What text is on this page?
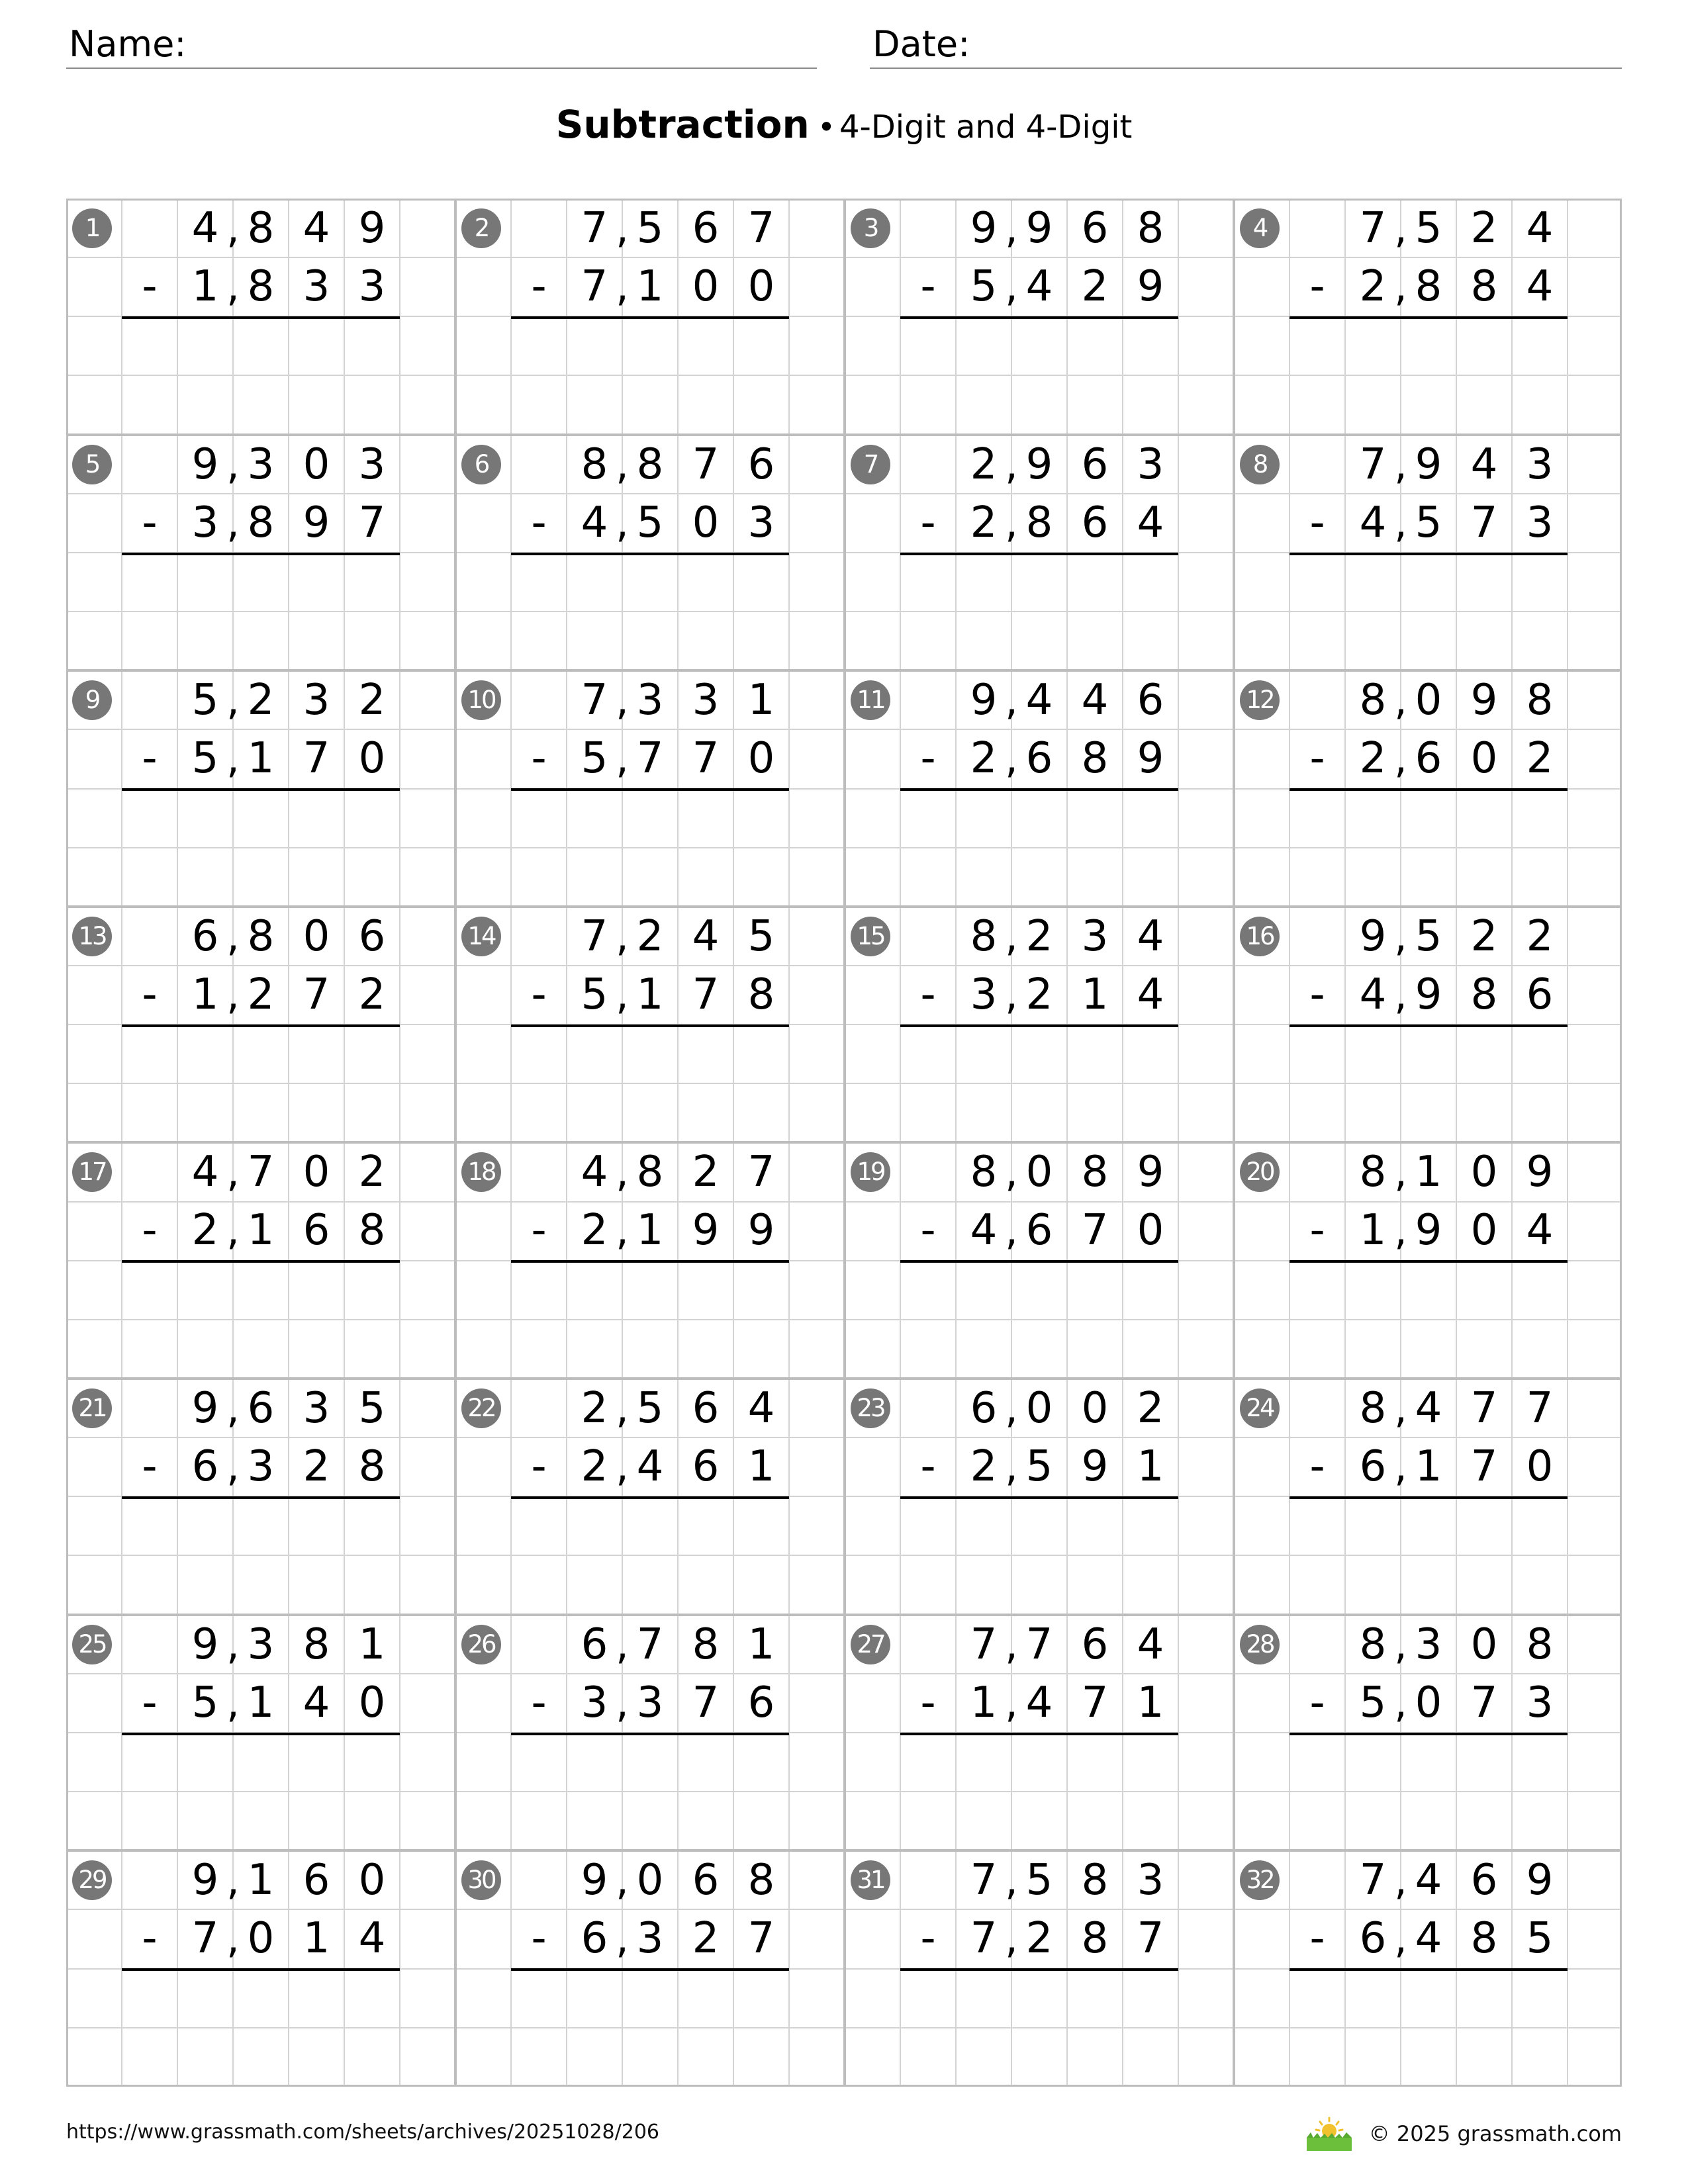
Name:	Date:
Subtraction • 4-Digit and 4-Digit
1	4 8 4 9
,
1 8 3 3
,
-
2	7 5 6 7
,
7 1 0 0
,
-
3	9 9 6 8
,
5 4 2 9
,
-
4	7 5 2 4
,
2 8 8 4
,
-
5	9 3 0 3
,
3 8 9 7
,
-
6	8 8 7 6
,
4 5 0 3
,
-
7	2 9 6 3
,
2 8 6 4
,
-
8	7 9 4 3
,
4 5 7 3
,
-
9	5 2 3 2
,
5 1 7 0
,
-
10	7 3 3 1
,
5 7 7 0
,
-
11	9 4 4 6
,
2 6 8 9
,
-
12	8 0 9 8
,
2 6 0 2
,
-
13	6 8 0 6
,
1 2 7 2
,
-
14	7 2 4 5
,
5 1 7 8
,
-
15	8 2 3 4
,
3 2 1 4
,
-
16	9 5 2 2
,
4 9 8 6
,
-
17	4 7 0 2
,
2 1 6 8
,
-
18	4 8 2 7
,
2 1 9 9
,
-
19	8 0 8 9
,
4 6 7 0
,
-
20	8 1 0 9
,
1 9 0 4
,
-
21	9 6 3 5
,
6 3 2 8
,
-
22	2 5 6 4
,
2 4 6 1
,
-
23	6 0 0 2
,
2 5 9 1
,
-
24	8 4 7 7
,
6 1 7 0
,
-
25	9 3 8 1
,
5 1 4 0
,
-
26	6 7 8 1
,
3 3 7 6
,
-
27	7 7 6 4
,
1 4 7 1
,
-
28	8 3 0 8
,
5 0 7 3
,
-
29	9 1 6 0
,
7 0 1 4
,
-
30	9 0 6 8
,
6 3 2 7
,
-
31	7 5 8 3
,
7 2 8 7
,
-
32	7 4 6 9
,
6 4 8 5
,
-
https://www.grassmath.com/sheets/archives/20251028/206	© 2025 grassmath.com
